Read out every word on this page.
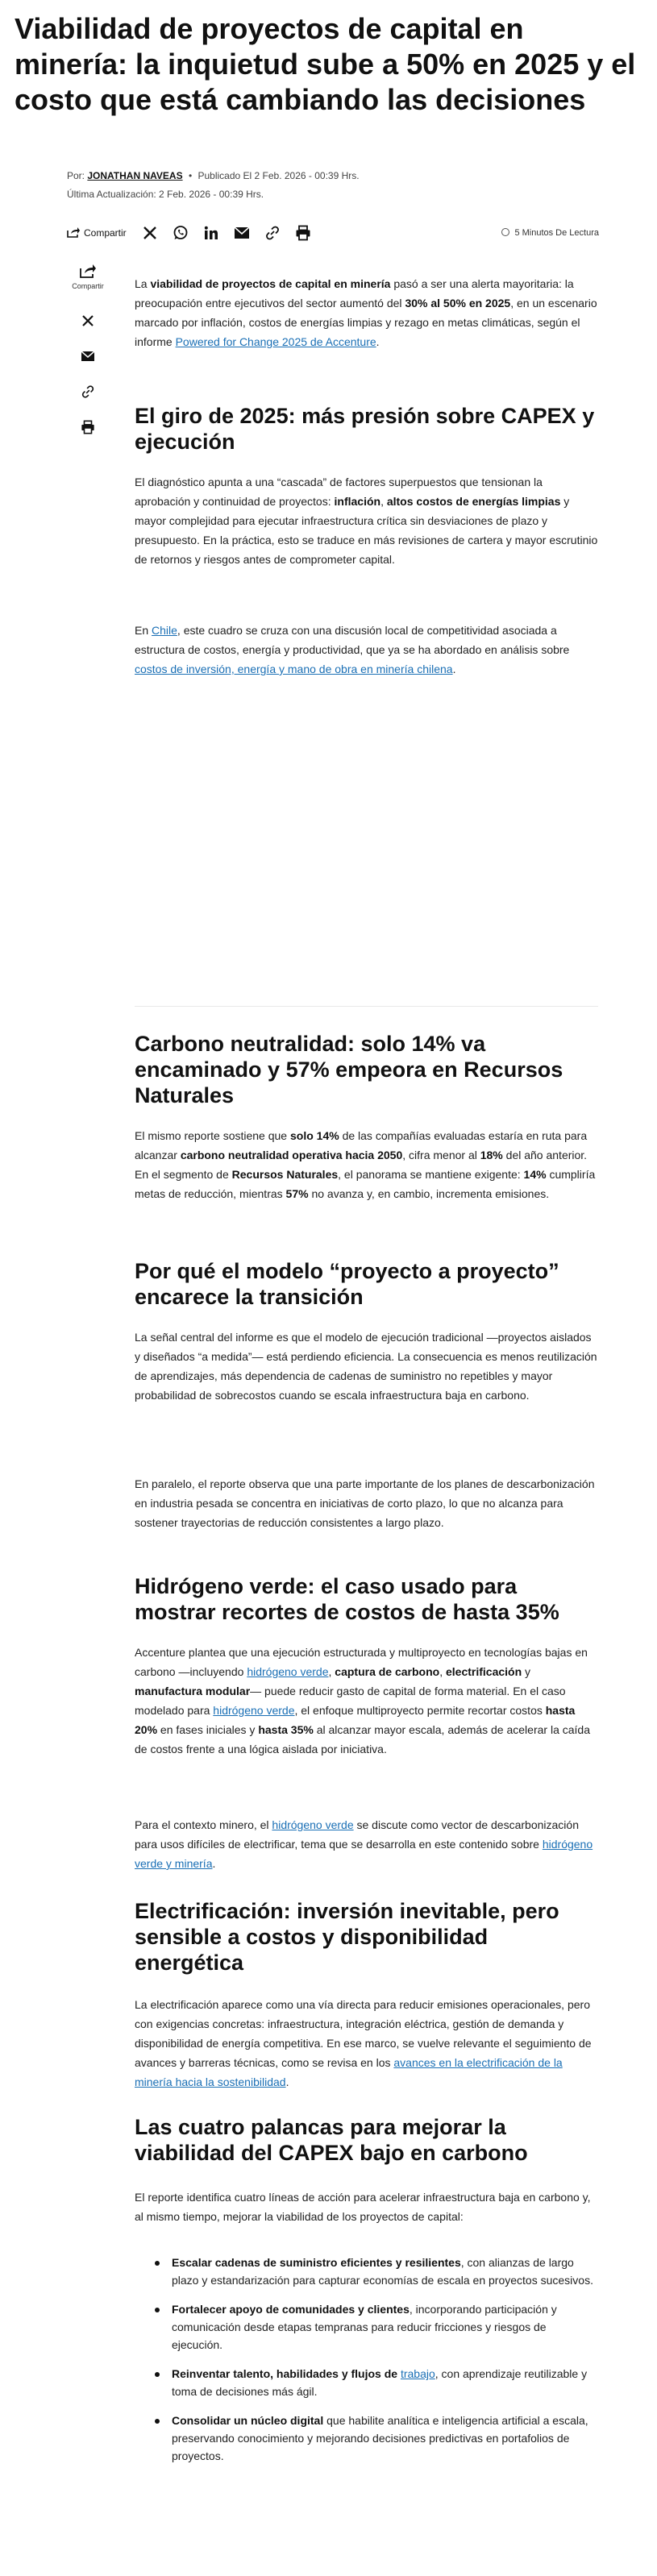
Viabilidad de proyectos de capital en minería: la inquietud sube a 50% en 2025 y el costo que está cambiando las decisiones
Por: JONATHAN NAVEAS • Publicado El 2 Feb. 2026 - 00:39 Hrs.
Última Actualización: 2 Feb. 2026 - 00:39 Hrs.
Compartir	5 Minutos De Lectura
Compartir	La viabilidad de proyectos de capital en minería pasó a ser una alerta mayoritaria: la preocupación entre ejecutivos del sector aumentó del 30% al 50% en 2025, en un escenario marcado por inflación, costos de energías limpias y rezago en metas climáticas, según el informe Powered for Change 2025 de Accenture.

El giro de 2025: más presión sobre CAPEX y ejecución

El diagnóstico apunta a una “cascada” de factores superpuestos que tensionan la aprobación y continuidad de proyectos: inflación, altos costos de energías limpias y mayor complejidad para ejecutar infraestructura crítica sin desviaciones de plazo y presupuesto. En la práctica, esto se traduce en más revisiones de cartera y mayor escrutinio de retornos y riesgos antes de comprometer capital.

En Chile, este cuadro se cruza con una discusión local de competitividad asociada a estructura de costos, energía y productividad, que ya se ha abordado en análisis sobre costos de inversión, energía y mano de obra en minería chilena.

Carbono neutralidad: solo 14% va encaminado y 57% empeora en Recursos Naturales

El mismo reporte sostiene que solo 14% de las compañías evaluadas estaría en ruta para alcanzar carbono neutralidad operativa hacia 2050, cifra menor al 18% del año anterior. En el segmento de Recursos Naturales, el panorama se mantiene exigente: 14% cumpliría metas de reducción, mientras 57% no avanza y, en cambio, incrementa emisiones.

Por qué el modelo “proyecto a proyecto” encarece la transición

La señal central del informe es que el modelo de ejecución tradicional —proyectos aislados y diseñados “a medida”— está perdiendo eficiencia. La consecuencia es menos reutilización de aprendizajes, más dependencia de cadenas de suministro no repetibles y mayor probabilidad de sobrecostos cuando se escala infraestructura baja en carbono.

En paralelo, el reporte observa que una parte importante de los planes de descarbonización en industria pesada se concentra en iniciativas de corto plazo, lo que no alcanza para sostener trayectorias de reducción consistentes a largo plazo.

Hidrógeno verde: el caso usado para mostrar recortes de costos de hasta 35%

Accenture plantea que una ejecución estructurada y multiproyecto en tecnologías bajas en carbono —incluyendo hidrógeno verde, captura de carbono, electrificación y manufactura modular— puede reducir gasto de capital de forma material. En el caso modelado para hidrógeno verde, el enfoque multiproyecto permite recortar costos hasta 20% en fases iniciales y hasta 35% al alcanzar mayor escala, además de acelerar la caída de costos frente a una lógica aislada por iniciativa.

Para el contexto minero, el hidrógeno verde se discute como vector de descarbonización para usos difíciles de electrificar, tema que se desarrolla en este contenido sobre hidrógeno verde y minería.

Electrificación: inversión inevitable, pero sensible a costos y disponibilidad energética

La electrificación aparece como una vía directa para reducir emisiones operacionales, pero con exigencias concretas: infraestructura, integración eléctrica, gestión de demanda y disponibilidad de energía competitiva. En ese marco, se vuelve relevante el seguimiento de avances y barreras técnicas, como se revisa en los avances en la electrificación de la minería hacia la sostenibilidad.

Las cuatro palancas para mejorar la viabilidad del CAPEX bajo en carbono

El reporte identifica cuatro líneas de acción para acelerar infraestructura baja en carbono y, al mismo tiempo, mejorar la viabilidad de los proyectos de capital:

Escalar cadenas de suministro eficientes y resilientes, con alianzas de largo plazo y estandarización para capturar economías de escala en proyectos sucesivos.
Fortalecer apoyo de comunidades y clientes, incorporando participación y comunicación desde etapas tempranas para reducir fricciones y riesgos de ejecución.
Reinventar talento, habilidades y flujos de trabajo, con aprendizaje reutilizable y toma de decisiones más ágil.
Consolidar un núcleo digital que habilite analítica e inteligencia artificial a escala, preservando conocimiento y mejorando decisiones predictivas en portafolios de proyectos.
